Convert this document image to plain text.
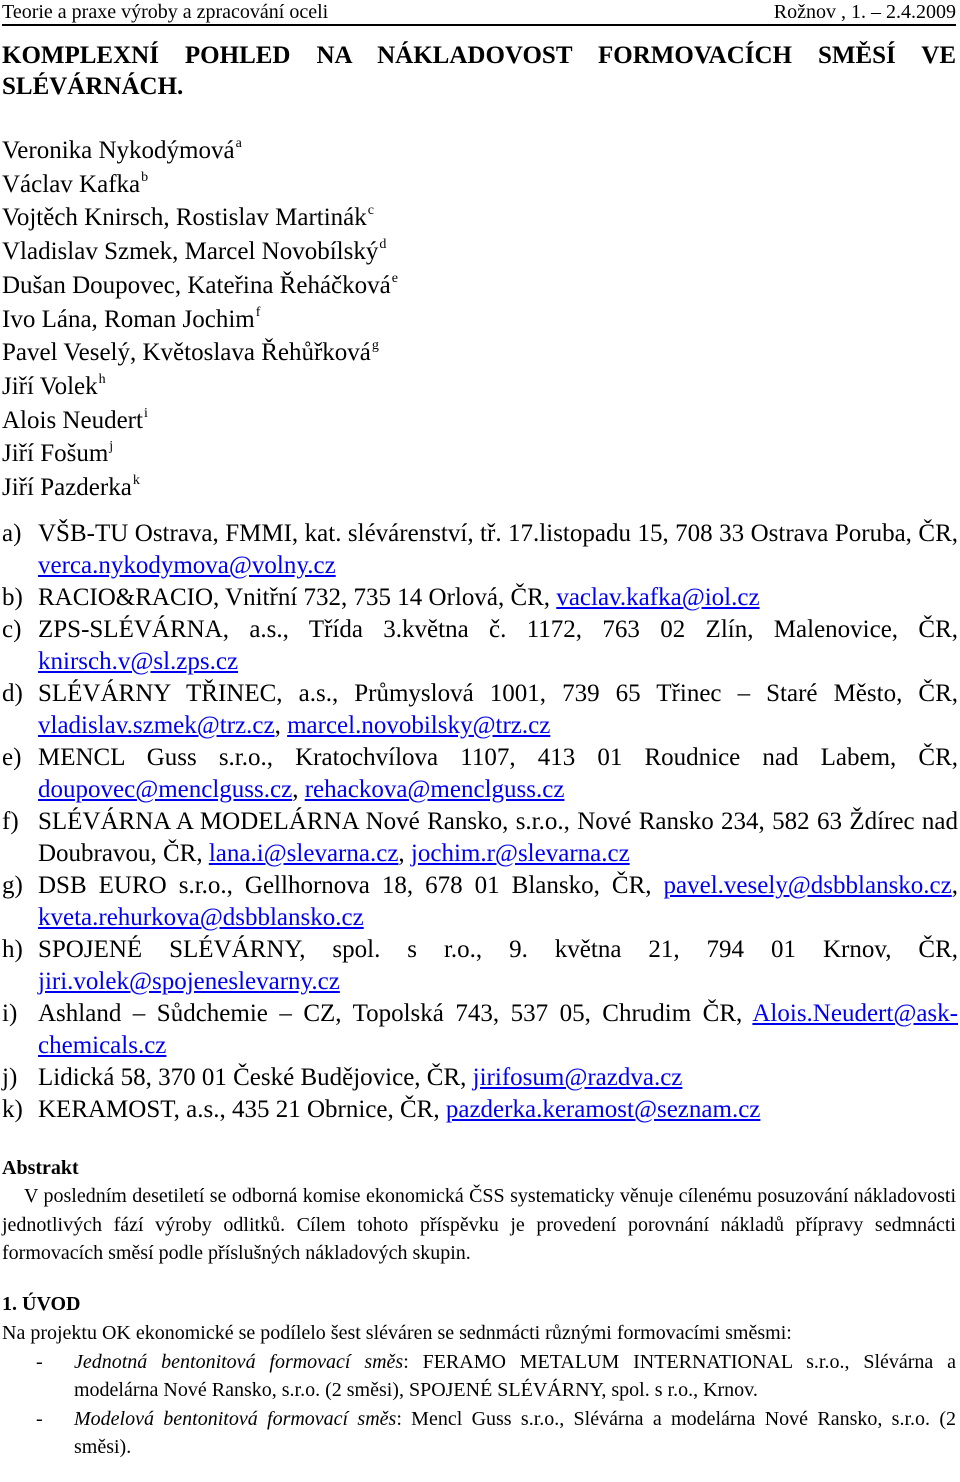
Teorie a praxe výroby a zpracování oceli	Rožnov , 1. – 2.4.2009
KOMPLEXNÍ POHLED NA NÁKLADOVOST FORMOVACÍCH SMĚSÍ VE SLÉVÁRNÁCH.
Veronika Nykodýmová$^a$
Václav Kafka$^b$
Vojtěch Knirsch, Rostislav Martinák$^c$
Vladislav Szmek, Marcel Novobílský$^d$
Dušan Doupovec, Kateřina Řeháčková$^e$
Ivo Lána, Roman Jochim$^f$
Pavel Veselý, Květoslava Řehůřková$^g$
Jiří Volek$^h$
Alois Neudert$^i$
Jiří Fošum$^j$
Jiří Pazderka$^k$
a) VŠB-TU Ostrava, FMMI, kat. slévárenství, tř. 17.listopadu 15, 708 33 Ostrava Poruba, ČR, verca.nykodymova@volny.cz
b) RACIO&RACIO, Vnitřní 732, 735 14 Orlová, ČR, vaclav.kafka@iol.cz
c) ZPS-SLÉVÁRNA, a.s., Třída 3.května č. 1172, 763 02 Zlín, Malenovice, ČR, knirsch.v@sl.zps.cz
d) SLÉVÁRNY TŘINEC, a.s., Průmyslová 1001, 739 65 Třinec – Staré Město, ČR, vladislav.szmek@trz.cz, marcel.novobilsky@trz.cz
e) MENCL Guss s.r.o., Kratochvílova 1107, 413 01 Roudnice nad Labem, ČR, doupovec@menclguss.cz, rehackova@menclguss.cz
f) SLÉVÁRNA A MODELÁRNA Nové Ransko, s.r.o., Nové Ransko 234, 582 63 Ždírec nad Doubravou, ČR, lana.i@slevarna.cz, jochim.r@slevarna.cz
g) DSB EURO s.r.o., Gellhornova 18, 678 01 Blansko, ČR, pavel.vesely@dsbblansko.cz, kveta.rehurkova@dsbblansko.cz
h) SPOJENÉ SLÉVÁRNY, spol. s r.o., 9. května 21, 794 01 Krnov, ČR, jiri.volek@spojeneslevarny.cz
i) Ashland – Sůdchemie – CZ, Topolská 743, 537 05, Chrudim ČR, Alois.Neudert@ask-chemicals.cz
j) Lidická 58, 370 01 České Budějovice, ČR, jirifosum@razdva.cz
k) KERAMOST, a.s., 435 21 Obrnice, ČR, pazderka.keramost@seznam.cz
Abstrakt
V posledním desetiletí se odborná komise ekonomická ČSS systematicky věnuje cílenému posuzování nákladovosti jednotlivých fází výroby odlitků. Cílem tohoto příspěvku je provedení porovnání nákladů přípravy sedmnácti formovacích směsí podle příslušných nákladových skupin.
1. ÚVOD
Na projektu OK ekonomické se podílelo šest sléváren se sednmácti různými formovacími směsmi:
-	Jednotná bentonitová formovací směs: FERAMO METALUM INTERNATIONAL s.r.o., Slévárna a modelárna Nové Ransko, s.r.o. (2 směsi), SPOJENÉ SLÉVÁRNY, spol. s r.o., Krnov.
-	Modelová bentonitová formovací směs: Mencl Guss s.r.o., Slévárna a modelárna Nové Ransko, s.r.o. (2 směsi).
